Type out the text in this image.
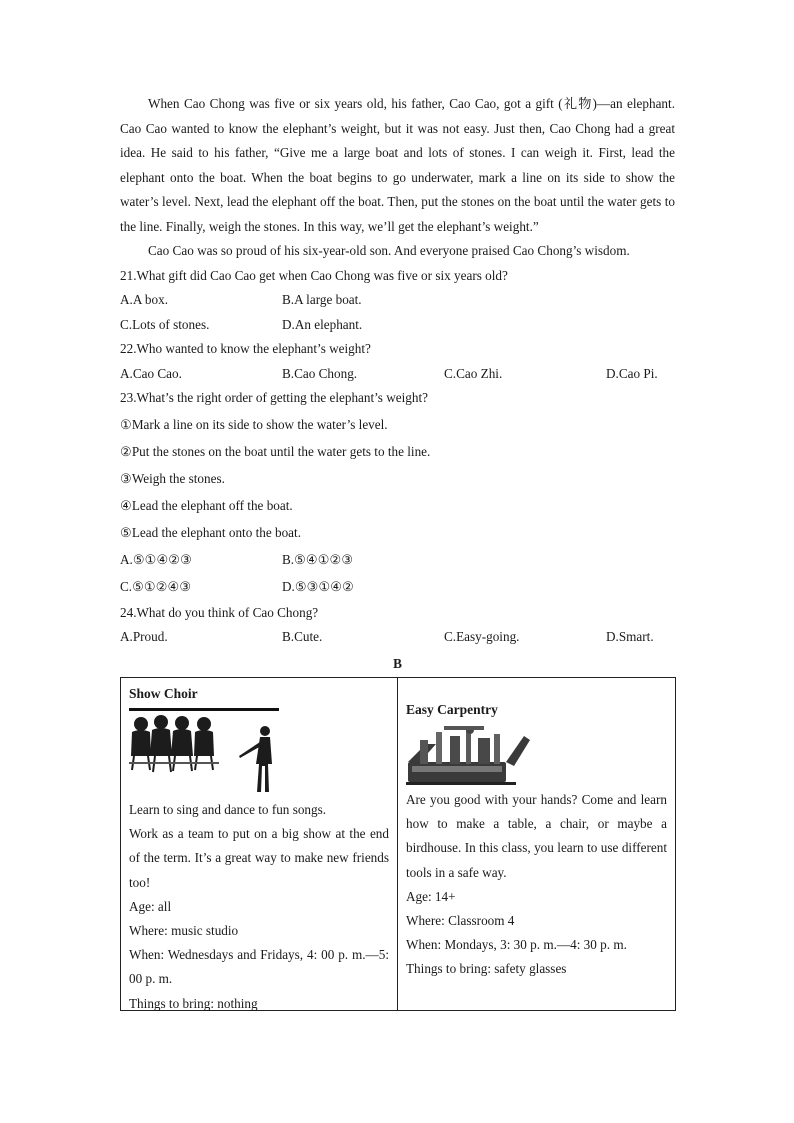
When Cao Chong was five or six years old, his father, Cao Cao, got a gift (礼物)—an elephant. Cao Cao wanted to know the elephant’s weight, but it was not easy. Just then, Cao Chong had a great idea. He said to his father, “Give me a large boat and lots of stones. I can weigh it. First, lead the elephant onto the boat. When the boat begins to go underwater, mark a line on its side to show the water’s level. Next, lead the elephant off the boat. Then, put the stones on the boat until the water gets to the line. Finally, weigh the stones. In this way, we’ll get the elephant’s weight.”

Cao Cao was so proud of his six-year-old son. And everyone praised Cao Chong’s wisdom.

21.What gift did Cao Cao get when Cao Chong was five or six years old?

A.A box.	B.A large boat.
C.Lots of stones.	D.An elephant.

22.Who wanted to know the elephant’s weight?

A.Cao Cao.	B.Cao Chong.	C.Cao Zhi.	D.Cao Pi.

23.What’s the right order of getting the elephant’s weight?

①Mark a line on its side to show the water’s level.

②Put the stones on the boat until the water gets to the line.

③Weigh the stones.

④Lead the elephant off the boat.

⑤Lead the elephant onto the boat.

A.⑤①④②③	B.⑤④①②③
C.⑤①②④③	D.⑤③①④②

24.What do you think of Cao Chong?

A.Proud.	B.Cute.	C.Easy-going.	D.Smart.
B
Show Choir

Learn to sing and dance to fun songs.

Work as a team to put on a big show at the end of the term. It’s a great way to make new friends too!

Age: all

Where: music studio

When: Wednesdays and Fridays, 4: 00 p. m.—5: 00 p. m.

Things to bring: nothing

Easy Carpentry

Are you good with your hands? Come and learn how to make a table, a chair, or maybe a birdhouse. In this class, you learn to use different tools in a safe way.

Age: 14+

Where: Classroom 4

When: Mondays, 3: 30 p. m.—4: 30 p. m.

Things to bring: safety glasses
